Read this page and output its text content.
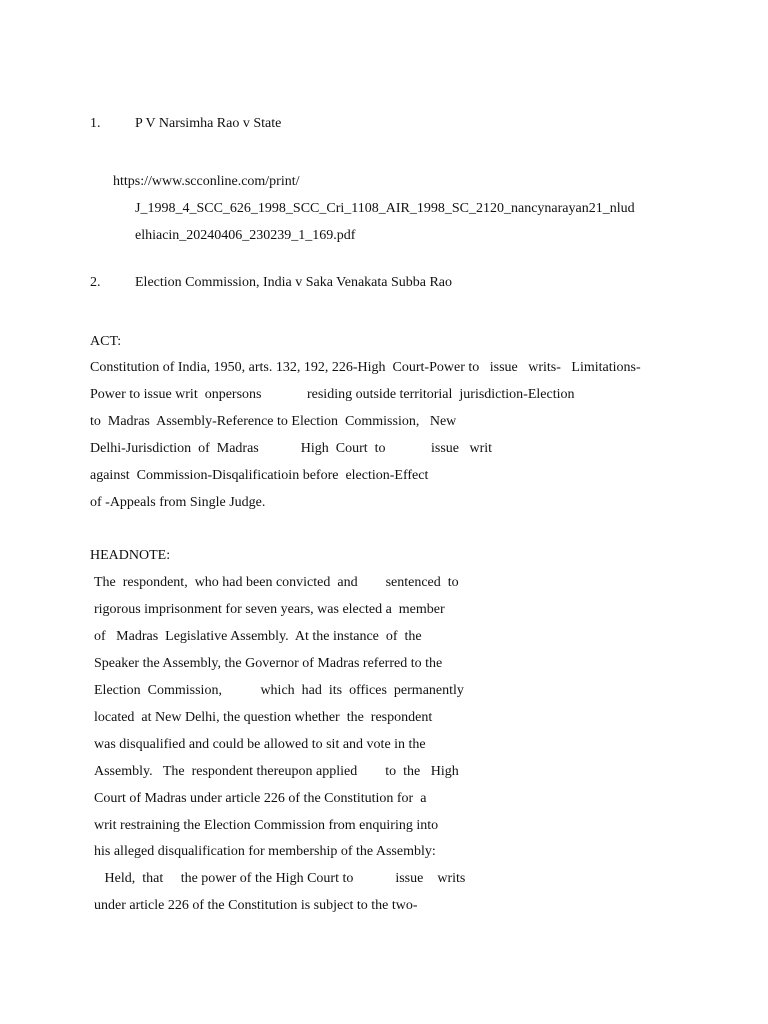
1. P V Narsimha Rao v State
https://www.scconline.com/print/
J_1998_4_SCC_626_1998_SCC_Cri_1108_AIR_1998_SC_2120_nancynarayan21_nlud
elhiacin_20240406_230239_1_169.pdf
2. Election Commission, India v Saka Venakata Subba Rao
ACT:
Constitution of India, 1950, arts. 132, 192, 226-High  Court-Power to   issue   writs-   Limitations-
Power to issue writ  onpersons             residing outside territorial  jurisdiction-Election
to  Madras  Assembly-Reference to Election  Commission,   New
Delhi-Jurisdiction  of  Madras            High  Court  to             issue   writ
against  Commission-Disqalificatioin before  election-Effect
of -Appeals from Single Judge.
HEADNOTE:
The  respondent,  who had been convicted  and        sentenced  to
rigorous imprisonment for seven years, was elected a  member
of   Madras  Legislative Assembly.  At the instance  of  the
Speaker the Assembly, the Governor of Madras referred to the
Election  Commission,           which  had  its  offices  permanently
located  at New Delhi, the question whether  the  respondent
was disqualified and could be allowed to sit and vote in the
Assembly.   The  respondent thereupon applied        to  the   High
Court of Madras under article 226 of the Constitution for  a
writ restraining the Election Commission from enquiring into
his alleged disqualification for membership of the Assembly:
Held,  that     the power of the High Court to            issue    writs
under article 226 of the Constitution is subject to the two-
